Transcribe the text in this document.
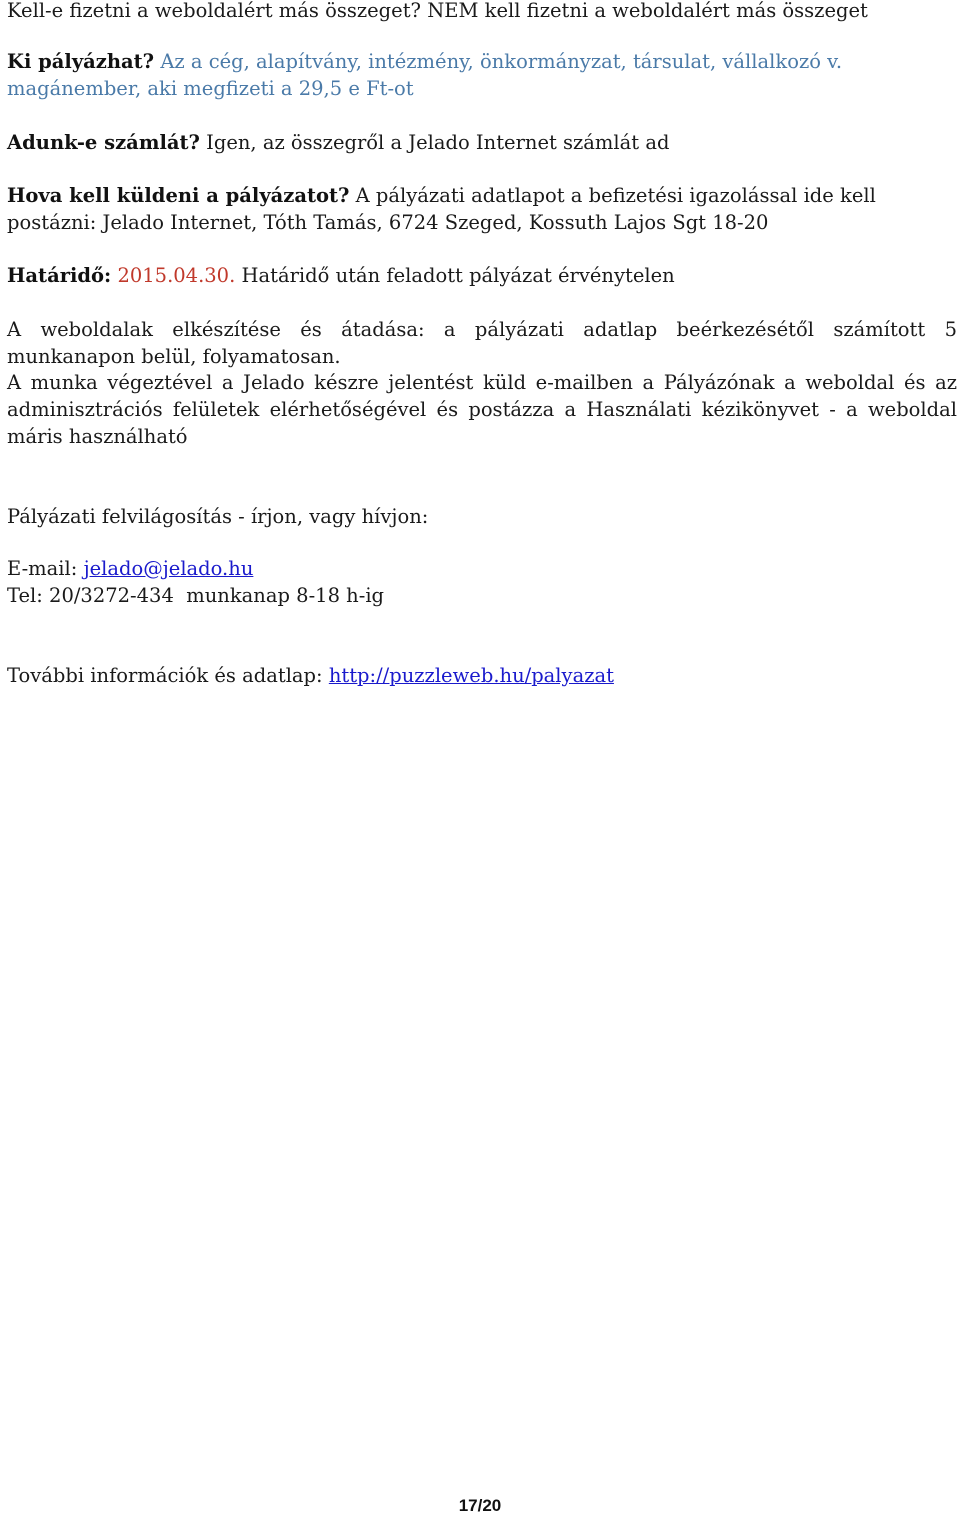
Kell-e fizetni a weboldalért más összeget? NEM kell fizetni a weboldalért más összeget

Ki pályázhat? Az a cég, alapítvány, intézmény, önkormányzat, társulat, vállalkozó v. magánember, aki megfizeti a 29,5 e Ft-ot

Adunk-e számlát? Igen, az összegről a Jelado Internet számlát ad

Hova kell küldeni a pályázatot? A pályázati adatlapot a befizetési igazolással ide kell postázni: Jelado Internet, Tóth Tamás, 6724 Szeged, Kossuth Lajos Sgt 18-20

Határidő: 2015.04.30. Határidő után feladott pályázat érvénytelen

A weboldalak elkészítése és átadása: a pályázati adatlap beérkezésétől számított 5 munkanapon belül, folyamatosan.

A munka végeztével a Jelado készre jelentést küld e-mailben a Pályázónak a weboldal és az adminisztrációs felületek elérhetőségével és postázza a Használati kézikönyvet - a weboldal máris használható

Pályázati felvilágosítás - írjon, vagy hívjon:

E-mail: jelado@jelado.hu

Tel: 20/3272-434  munkanap 8-18 h-ig

További információk és adatlap: http://puzzleweb.hu/palyazat

17/20
